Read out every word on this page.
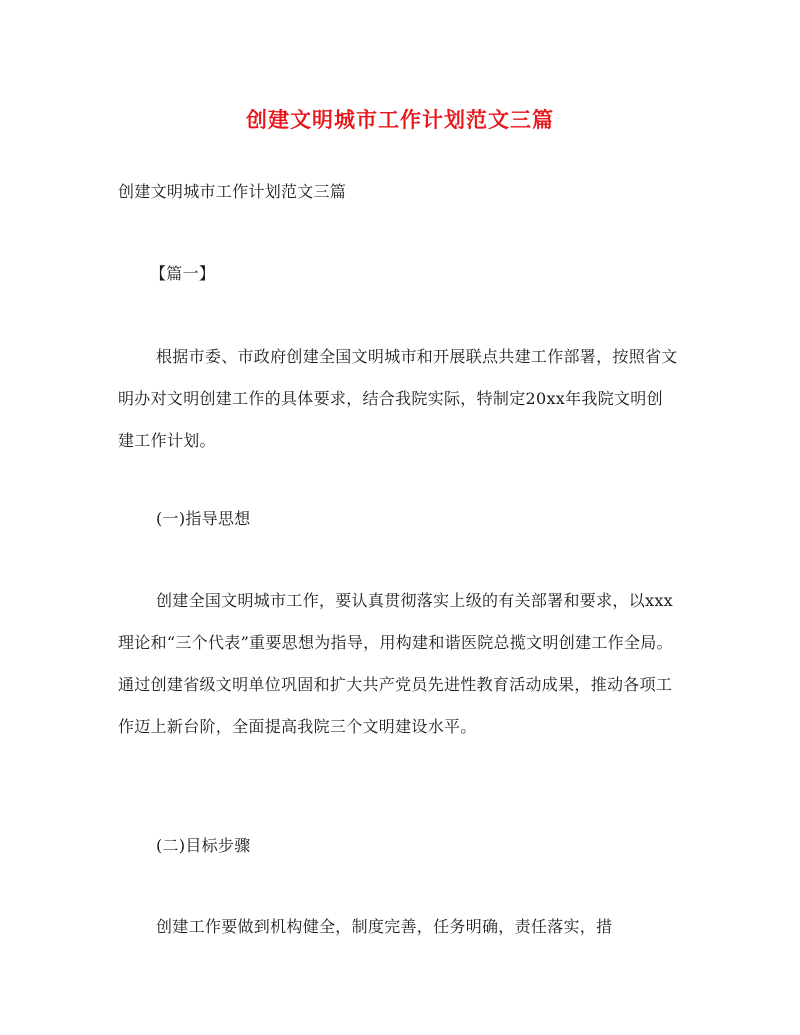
创建文明城市工作计划范文三篇
创建文明城市工作计划范文三篇
【篇一】
根据市委、市政府创建全国文明城市和开展联点共建工作部署，按照省文明办对文明创建工作的具体要求，结合我院实际，特制定20xx年我院文明创建工作计划。
(一)指导思想
创建全国文明城市工作，要认真贯彻落实上级的有关部署和要求，以xxx理论和“三个代表”重要思想为指导，用构建和谐医院总揽文明创建工作全局。通过创建省级文明单位巩固和扩大共产党员先进性教育活动成果，推动各项工作迈上新台阶，全面提高我院三个文明建设水平。
(二)目标步骤
创建工作要做到机构健全，制度完善，任务明确，责任落实，措
